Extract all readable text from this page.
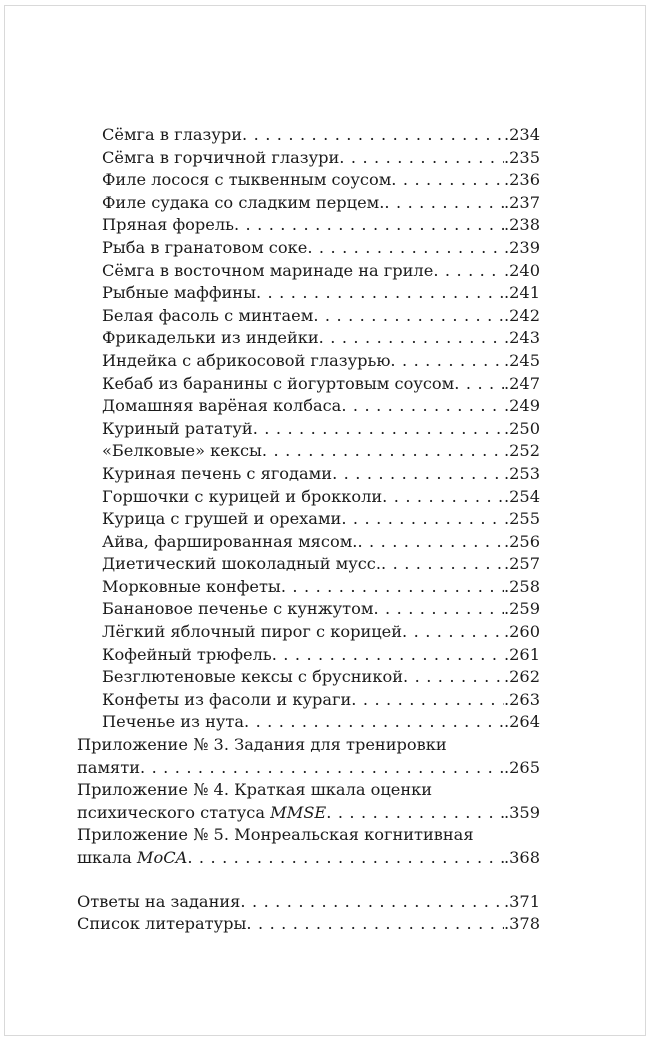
Сёмга в глазури . . .	.234
Сёмга в горчичной глазури . . .	.235
Филе лосося с тыквенным соусом . . .	.236
Филе судака со сладким перцем. . . .	.237
Пряная форель . . .	.238
Рыба в гранатовом соке . . .	.239
Сёмга в восточном маринаде на гриле . . .	.240
Рыбные маффины . . .	.241
Белая фасоль с минтаем . . .	.242
Фрикадельки из индейки . . .	.243
Индейка с абрикосовой глазурью . . .	.245
Кебаб из баранины с йогуртовым соусом . . .	.247
Домашняя варёная колбаса . . .	.249
Куриный рататуй . . .	.250
«Белковые» кексы . . .	.252
Куриная печень с ягодами . . .	.253
Горшочки с курицей и брокколи . . .	.254
Курица с грушей и орехами . . .	.255
Айва, фаршированная мясом. . . .	.256
Диетический шоколадный мусс. . . .	.257
Морковные конфеты . . .	.258
Банановое печенье с кунжутом . . .	.259
Лёгкий яблочный пирог с корицей . . .	.260
Кофейный трюфель . . .	.261
Безглютеновые кексы с брусникой . . .	.262
Конфеты из фасоли и кураги . . .	.263
Печенье из нута . . .	.264
Приложение № 3. Задания для тренировки
памяти . . .	.265
Приложение № 4. Краткая шкала оценки
психического статуса MMSE . . .	.359
Приложение № 5. Монреальская когнитивная
шкала MoCA . . .	.368
Ответы на задания . . .	.371
Список литературы . . .	.378
